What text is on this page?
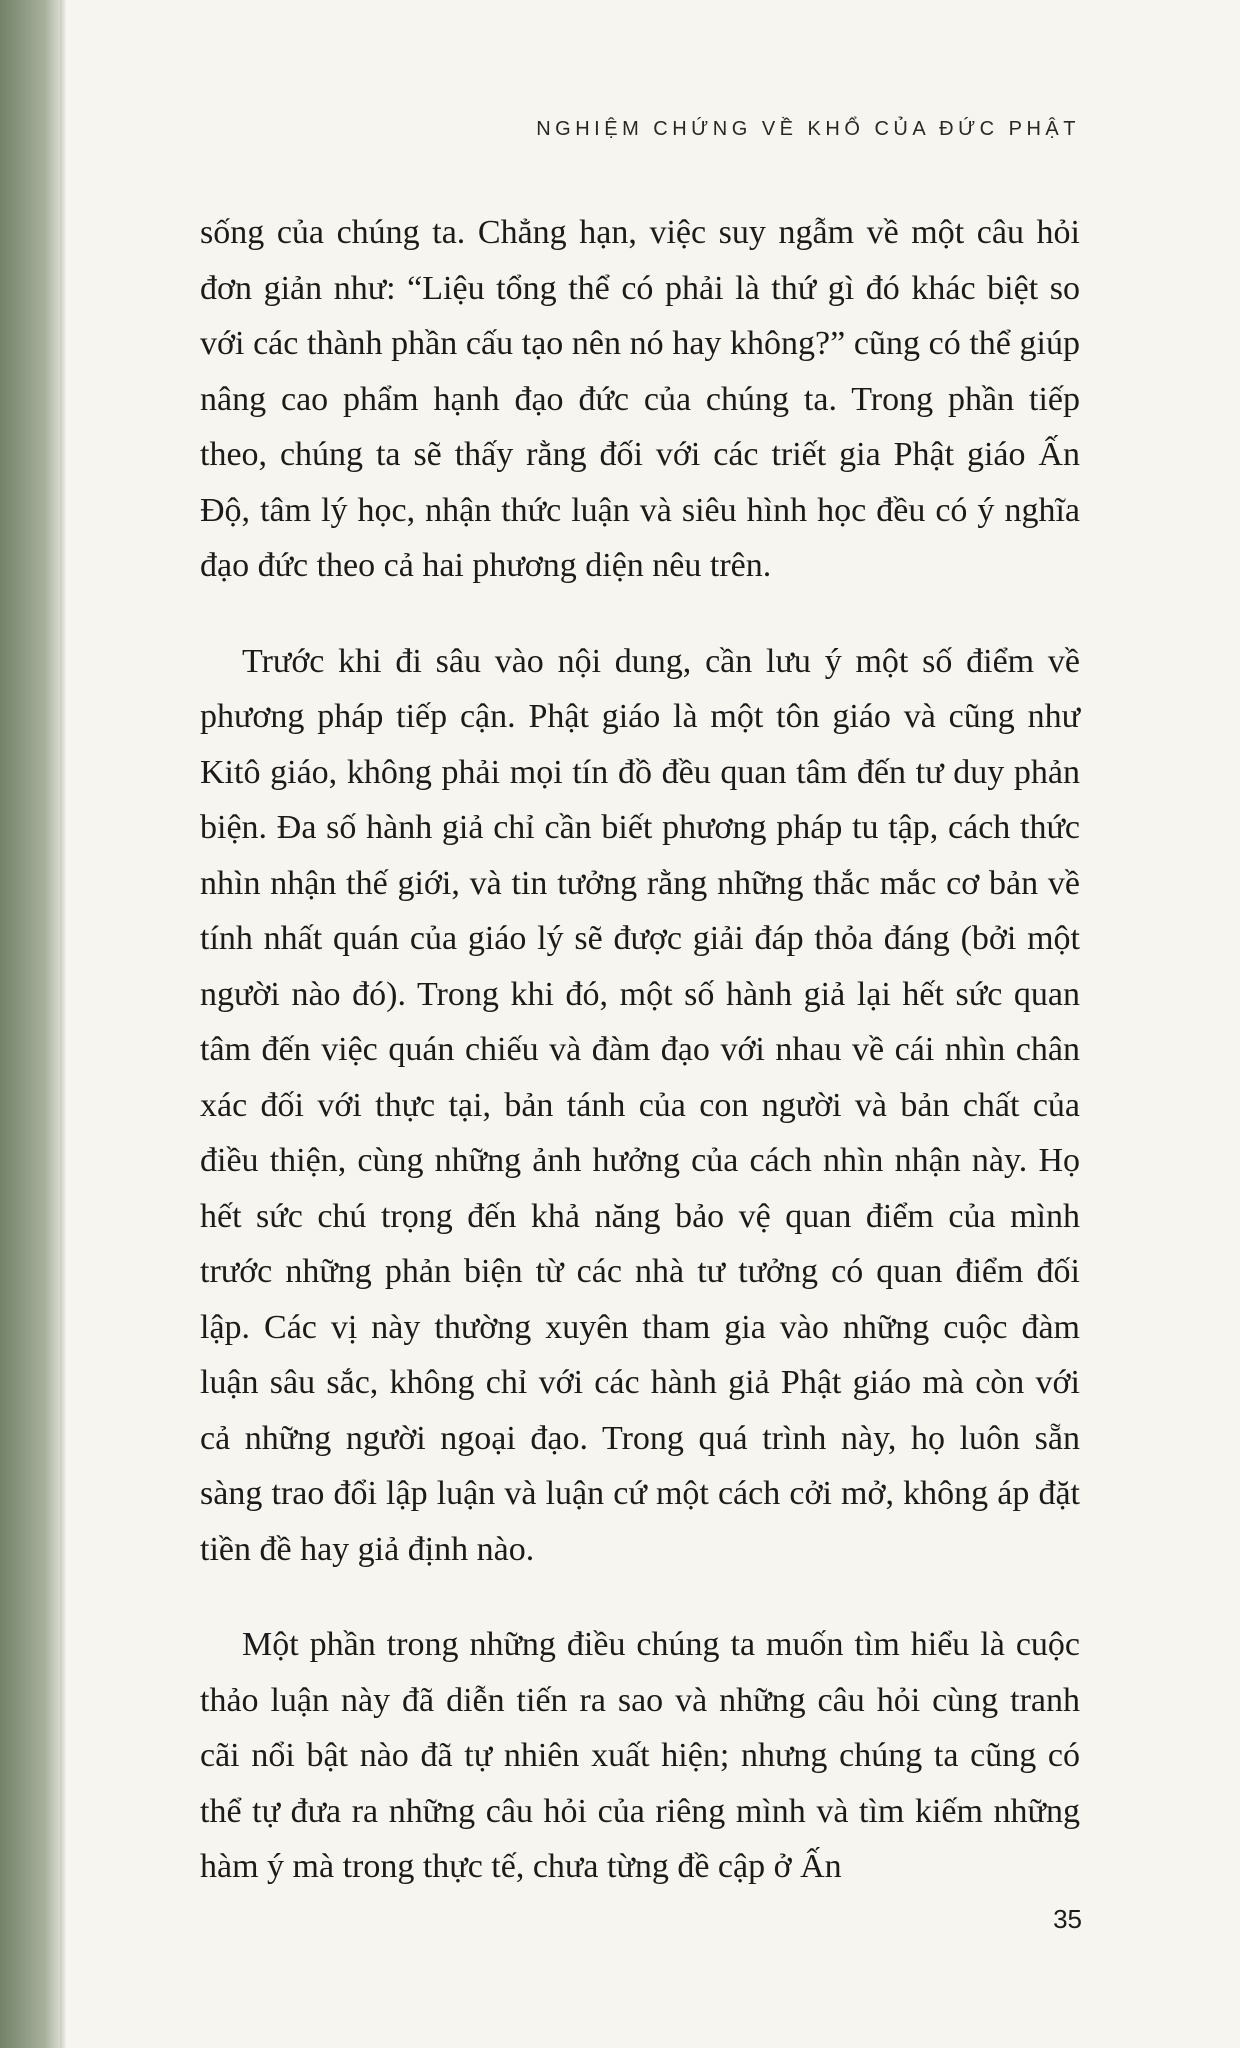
NGHIỆM CHỨNG VỀ KHỔ CỦA ĐỨC PHẬT

sống của chúng ta. Chẳng hạn, việc suy ngẫm về một câu hỏi đơn giản như: “Liệu tổng thể có phải là thứ gì đó khác biệt so với các thành phần cấu tạo nên nó hay không?” cũng có thể giúp nâng cao phẩm hạnh đạo đức của chúng ta. Trong phần tiếp theo, chúng ta sẽ thấy rằng đối với các triết gia Phật giáo Ấn Độ, tâm lý học, nhận thức luận và siêu hình học đều có ý nghĩa đạo đức theo cả hai phương diện nêu trên.

Trước khi đi sâu vào nội dung, cần lưu ý một số điểm về phương pháp tiếp cận. Phật giáo là một tôn giáo và cũng như Kitô giáo, không phải mọi tín đồ đều quan tâm đến tư duy phản biện. Đa số hành giả chỉ cần biết phương pháp tu tập, cách thức nhìn nhận thế giới, và tin tưởng rằng những thắc mắc cơ bản về tính nhất quán của giáo lý sẽ được giải đáp thỏa đáng (bởi một người nào đó). Trong khi đó, một số hành giả lại hết sức quan tâm đến việc quán chiếu và đàm đạo với nhau về cái nhìn chân xác đối với thực tại, bản tánh của con người và bản chất của điều thiện, cùng những ảnh hưởng của cách nhìn nhận này. Họ hết sức chú trọng đến khả năng bảo vệ quan điểm của mình trước những phản biện từ các nhà tư tưởng có quan điểm đối lập. Các vị này thường xuyên tham gia vào những cuộc đàm luận sâu sắc, không chỉ với các hành giả Phật giáo mà còn với cả những người ngoại đạo. Trong quá trình này, họ luôn sẵn sàng trao đổi lập luận và luận cứ một cách cởi mở, không áp đặt tiền đề hay giả định nào.

Một phần trong những điều chúng ta muốn tìm hiểu là cuộc thảo luận này đã diễn tiến ra sao và những câu hỏi cùng tranh cãi nổi bật nào đã tự nhiên xuất hiện; nhưng chúng ta cũng có thể tự đưa ra những câu hỏi của riêng mình và tìm kiếm những hàm ý mà trong thực tế, chưa từng đề cập ở Ấn

35
